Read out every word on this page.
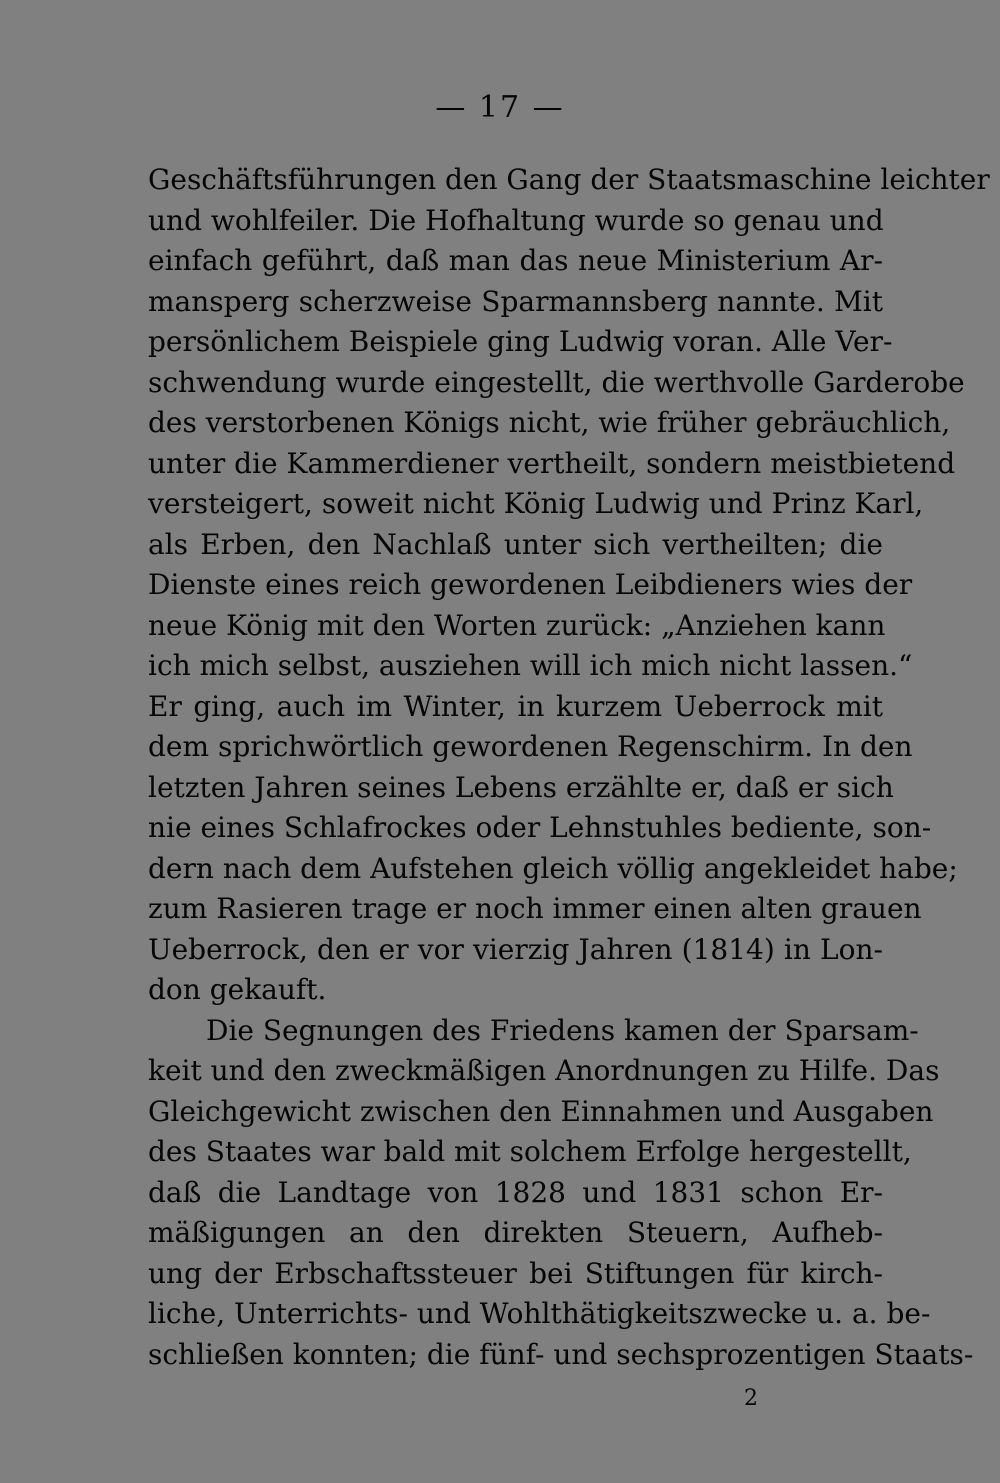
— 17 —
Geschäftsführungen den Gang der Staatsmaschine leichter
und wohlfeiler. Die Hofhaltung wurde so genau und
einfach geführt, daß man das neue Ministerium Ar-
mansperg scherzweise Sparmannsberg nannte. Mit
persönlichem Beispiele ging Ludwig voran. Alle Ver-
schwendung wurde eingestellt, die werthvolle Garderobe
des verstorbenen Königs nicht, wie früher gebräuchlich,
unter die Kammerdiener vertheilt, sondern meistbietend
versteigert, soweit nicht König Ludwig und Prinz Karl,
als Erben, den Nachlaß unter sich vertheilten; die
Dienste eines reich gewordenen Leibdieners wies der
neue König mit den Worten zurück: „Anziehen kann
ich mich selbst, ausziehen will ich mich nicht lassen.“
Er ging, auch im Winter, in kurzem Ueberrock mit
dem sprichwörtlich gewordenen Regenschirm. In den
letzten Jahren seines Lebens erzählte er, daß er sich
nie eines Schlafrockes oder Lehnstuhles bediente, son-
dern nach dem Aufstehen gleich völlig angekleidet habe;
zum Rasieren trage er noch immer einen alten grauen
Ueberrock, den er vor vierzig Jahren (1814) in Lon-
don gekauft.
Die Segnungen des Friedens kamen der Sparsam-
keit und den zweckmäßigen Anordnungen zu Hilfe. Das
Gleichgewicht zwischen den Einnahmen und Ausgaben
des Staates war bald mit solchem Erfolge hergestellt,
daß die Landtage von 1828 und 1831 schon Er-
mäßigungen an den direkten Steuern, Aufheb-
ung der Erbschaftssteuer bei Stiftungen für kirch-
liche, Unterrichts- und Wohlthätigkeitszwecke u. a. be-
schließen konnten; die fünf- und sechsprozentigen Staats-
2
